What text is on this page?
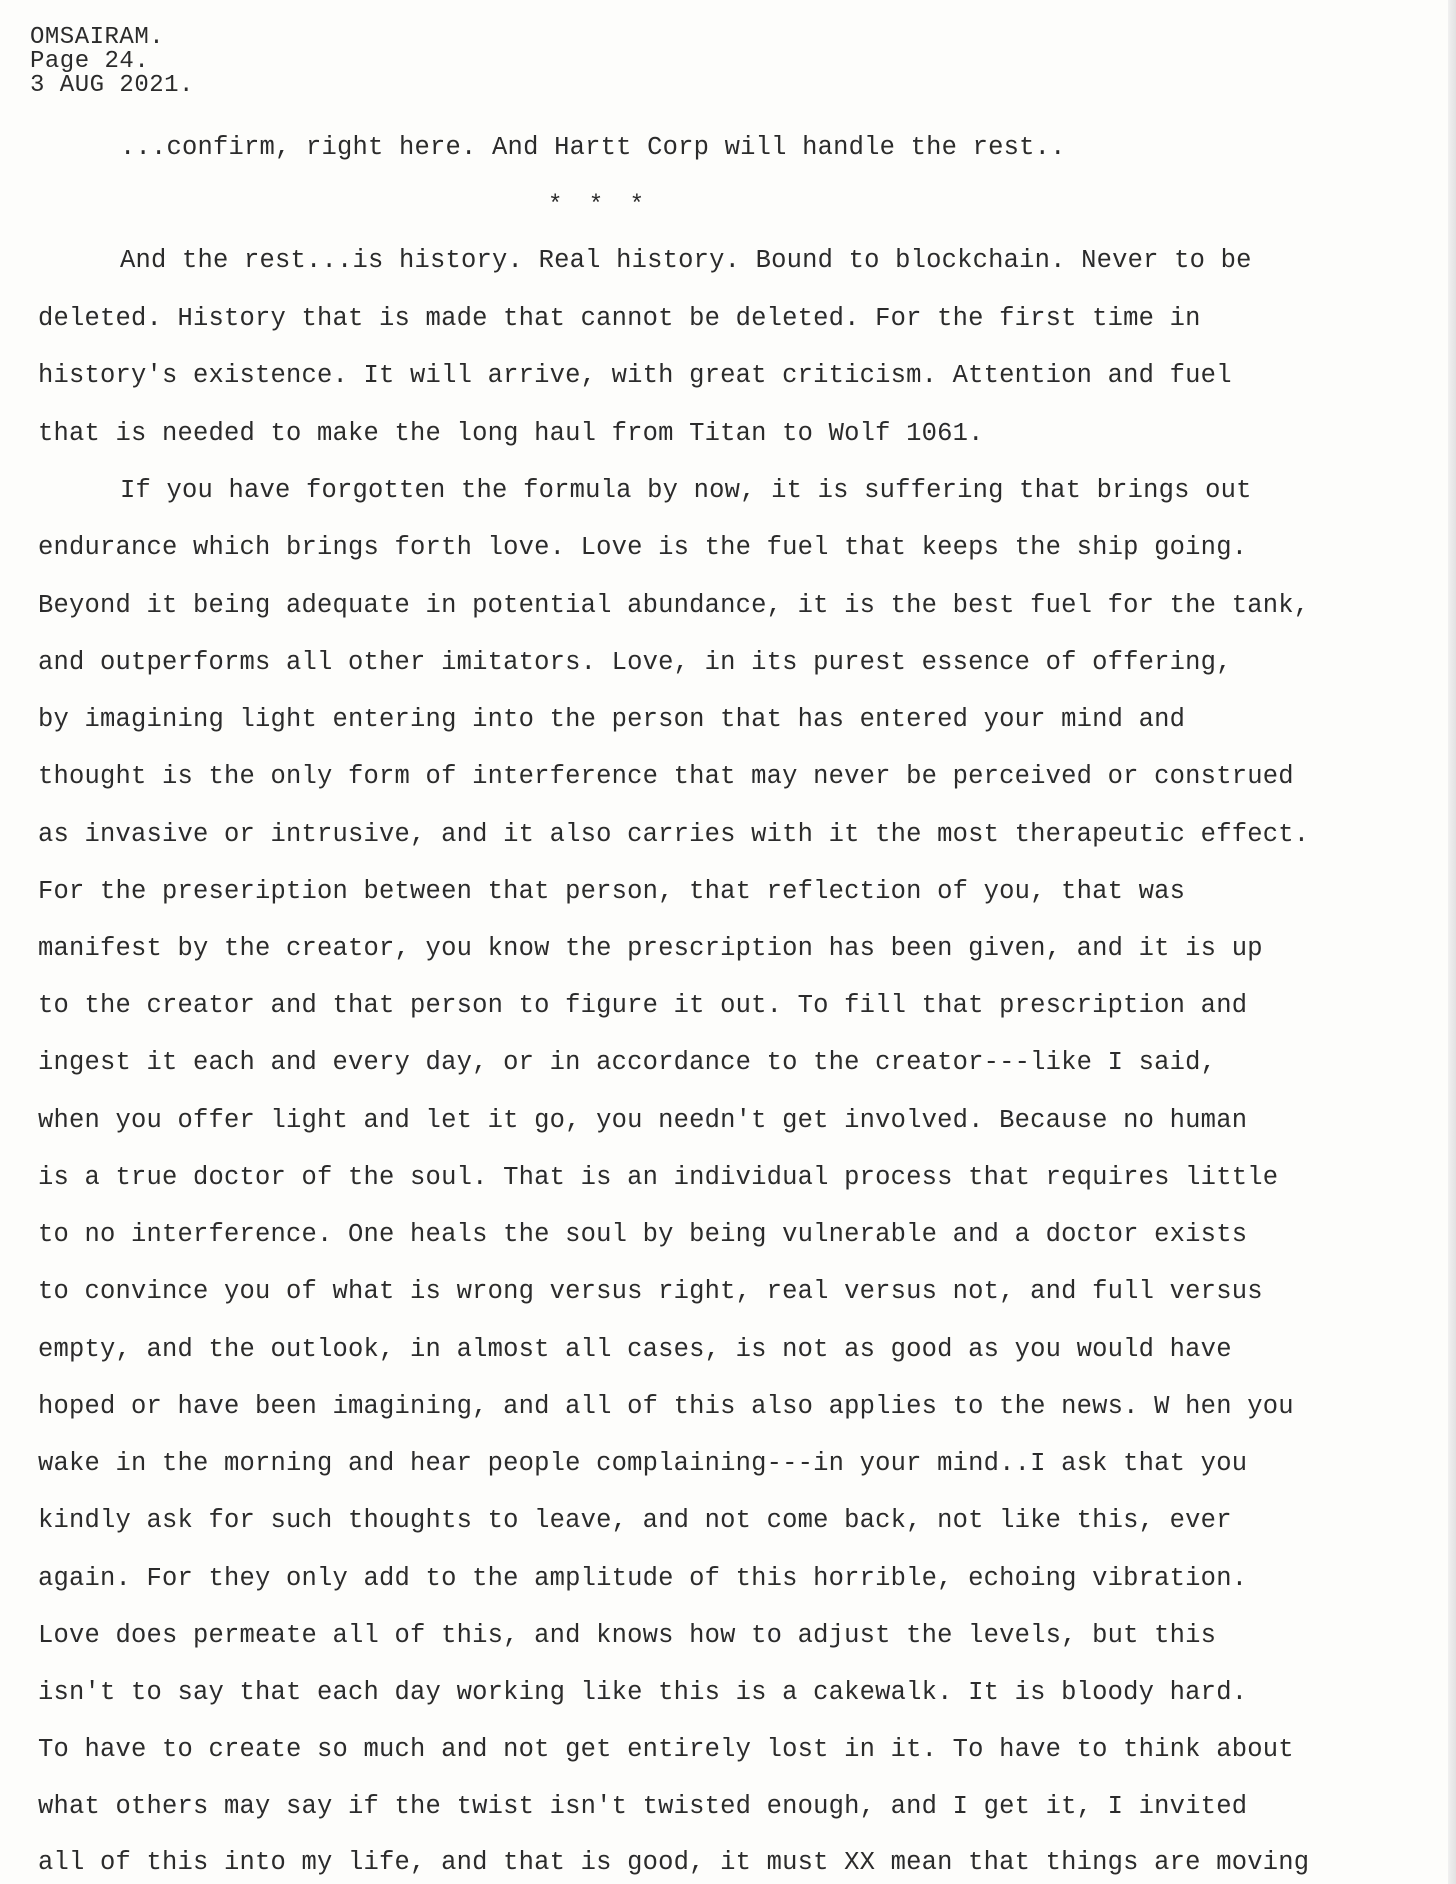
OMSAIRAM.
Page 24.
3 AUG 2021.
...confirm, right here. And Hartt Corp will handle the rest..
* * *
And the rest...is history. Real history. Bound to blockchain. Never to be
deleted. History that is made that cannot be deleted. For the first time in
history's existence. It will arrive, with great criticism. Attention and fuel
that is needed to make the long haul from Titan to Wolf 1061.
If you have forgotten the formula by now, it is suffering that brings out
endurance which brings forth love. Love is the fuel that keeps the ship going.
Beyond it being adequate in potential abundance, it is the best fuel for the tank,
and outperforms all other imitators. Love, in its purest essence of offering,
by imagining light entering into the person that has entered your mind and
thought is the only form of interference that may never be perceived or construed
as invasive or intrusive, and it also carries with it the most therapeutic effect.
For the preseription between that person, that reflection of you, that was
manifest by the creator, you know the prescription has been given, and it is up
to the creator and that person to figure it out. To fill that prescription and
ingest it each and every day, or in accordance to the creator---like I said,
when you offer light and let it go, you needn't get involved. Because no human
is a true doctor of the soul. That is an individual process that requires little
to no interference. One heals the soul by being vulnerable and a doctor exists
to convince you of what is wrong versus right, real versus not, and full versus
empty, and the outlook, in almost all cases, is not as good as you would have
hoped or have been imagining, and all of this also applies to the news. W hen you
wake in the morning and hear people complaining---in your mind..I ask that you
kindly ask for such thoughts to leave, and not come back, not like this, ever
again. For they only add to the amplitude of this horrible, echoing vibration.
Love does permeate all of this, and knows how to adjust the levels, but this
isn't to say that each day working like this is a cakewalk. It is bloody hard.
To have to create so much and not get entirely lost in it. To have to think about
what others may say if the twist isn't twisted enough, and I get it, I invited
all of this into my life, and that is good, it must XX mean that things are moving
